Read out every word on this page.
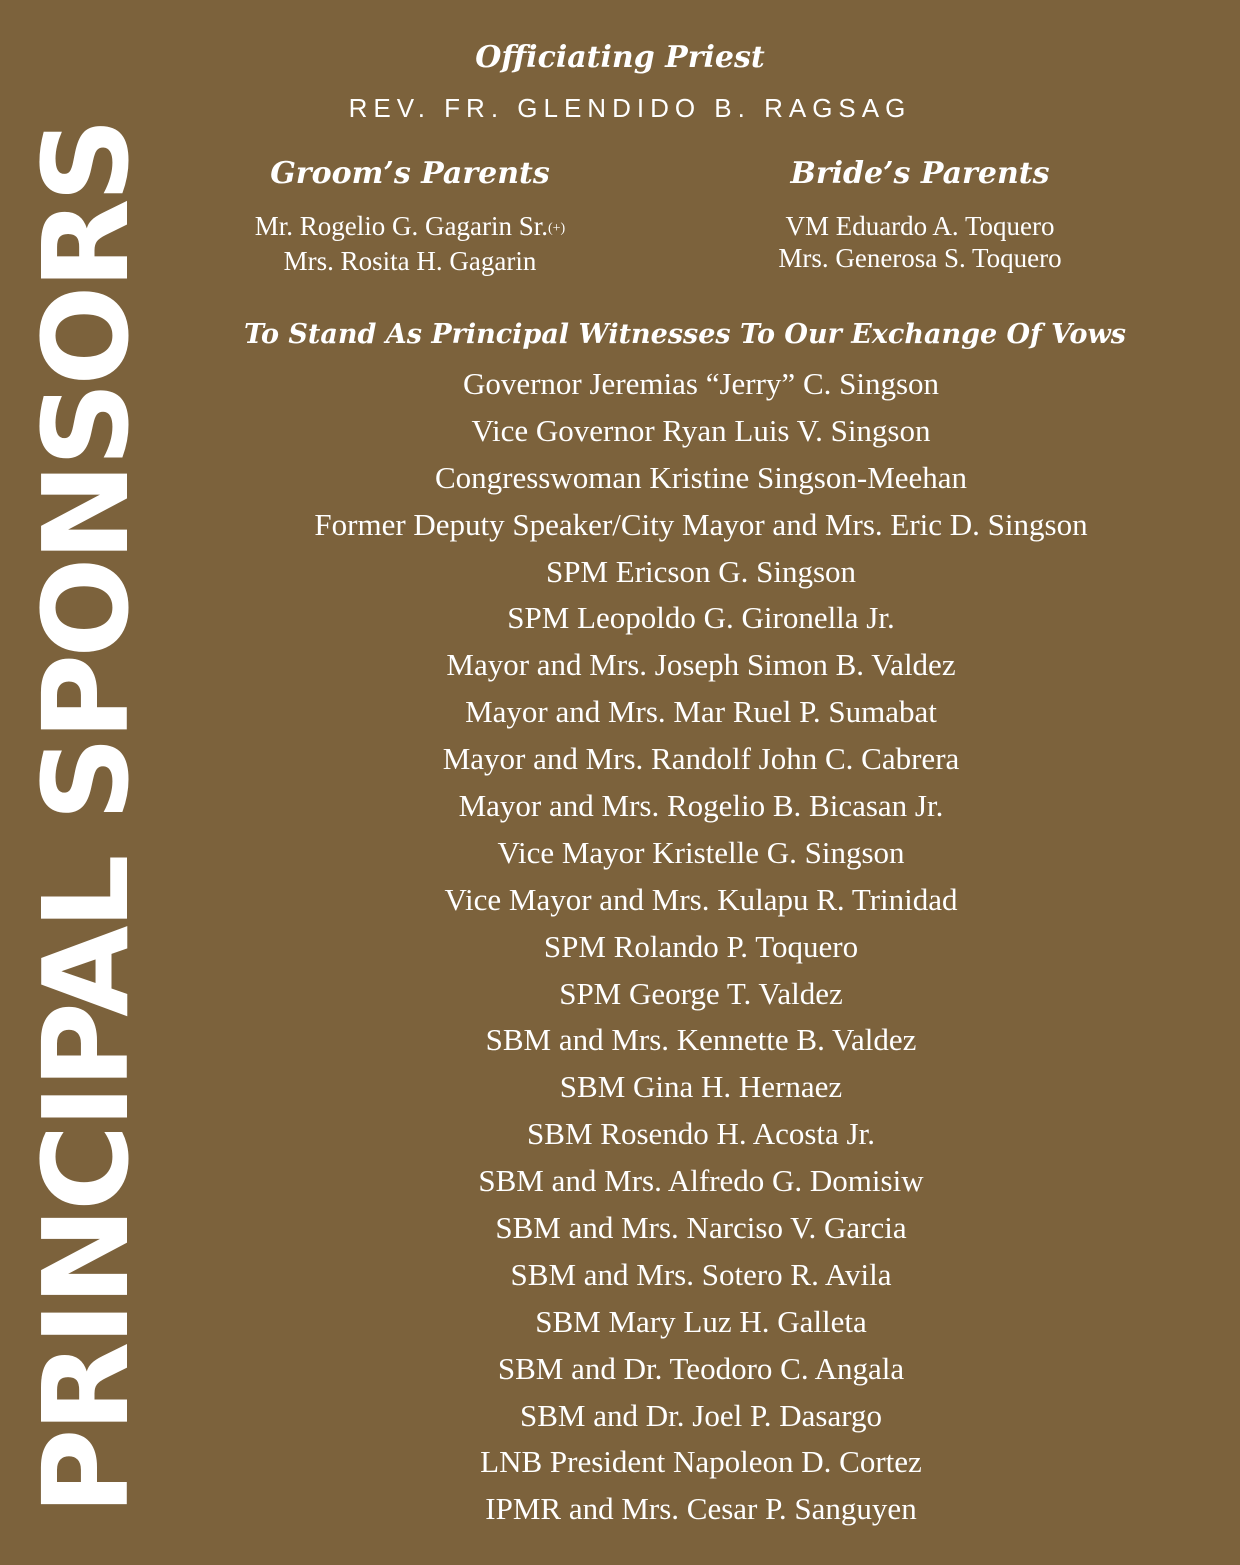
PRINCIPAL SPONSORS
Officiating Priest
REV. FR. GLENDIDO B. RAGSAG
Groom’s Parents
Mr. Rogelio G. Gagarin Sr.(+)
Mrs. Rosita H. Gagarin
Bride’s Parents
VM Eduardo A. Toquero
Mrs. Generosa S. Toquero
To Stand As Principal Witnesses To Our Exchange Of Vows
Governor Jeremias “Jerry” C. Singson
Vice Governor Ryan Luis V. Singson
Congresswoman Kristine Singson-Meehan
Former Deputy Speaker/City Mayor and Mrs. Eric D. Singson
SPM Ericson G. Singson
SPM Leopoldo G. Gironella Jr.
Mayor and Mrs. Joseph Simon B. Valdez
Mayor and Mrs. Mar Ruel P. Sumabat
Mayor and Mrs. Randolf John C. Cabrera
Mayor and Mrs. Rogelio B. Bicasan Jr.
Vice Mayor Kristelle G. Singson
Vice Mayor and Mrs. Kulapu R. Trinidad
SPM Rolando P. Toquero
SPM George T. Valdez
SBM and Mrs. Kennette B. Valdez
SBM Gina H. Hernaez
SBM Rosendo H. Acosta Jr.
SBM and Mrs. Alfredo G. Domisiw
SBM and Mrs. Narciso V. Garcia
SBM and Mrs. Sotero R. Avila
SBM Mary Luz H. Galleta
SBM and Dr. Teodoro C. Angala
SBM and Dr. Joel P. Dasargo
LNB President Napoleon D. Cortez
IPMR and Mrs. Cesar P. Sanguyen
